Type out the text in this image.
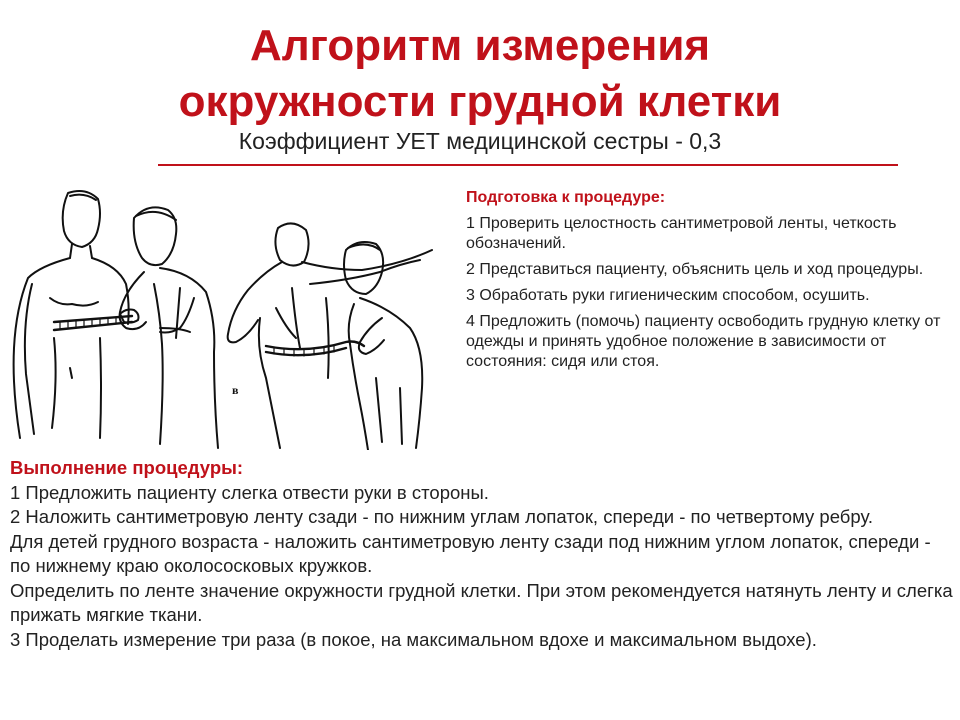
Алгоритм измерения
окружности грудной клетки
Коэффициент УЕТ медицинской сестры - 0,3
в
Подготовка к процедуре:
1 Проверить целостность сантиметровой ленты, четкость обозначений.
2 Представиться пациенту, объяснить цель и ход процедуры.
3 Обработать руки гигиеническим способом, осушить.
4 Предложить (помочь) пациенту освободить грудную клетку от одежды и принять удобное положение в зависимости от состояния: сидя или стоя.
Выполнение процедуры:
1 Предложить пациенту слегка отвести руки в стороны.
2 Наложить сантиметровую ленту сзади - по нижним углам лопаток, спереди - по четвертому ребру.
Для детей грудного возраста - наложить сантиметровую ленту сзади под нижним углом лопаток, спереди - по нижнему краю околососковых кружков.
Определить по ленте значение окружности грудной клетки. При этом рекомендуется натянуть ленту и слегка прижать мягкие ткани.
3 Проделать измерение три раза (в покое, на максимальном вдохе и максимальном выдохе).
